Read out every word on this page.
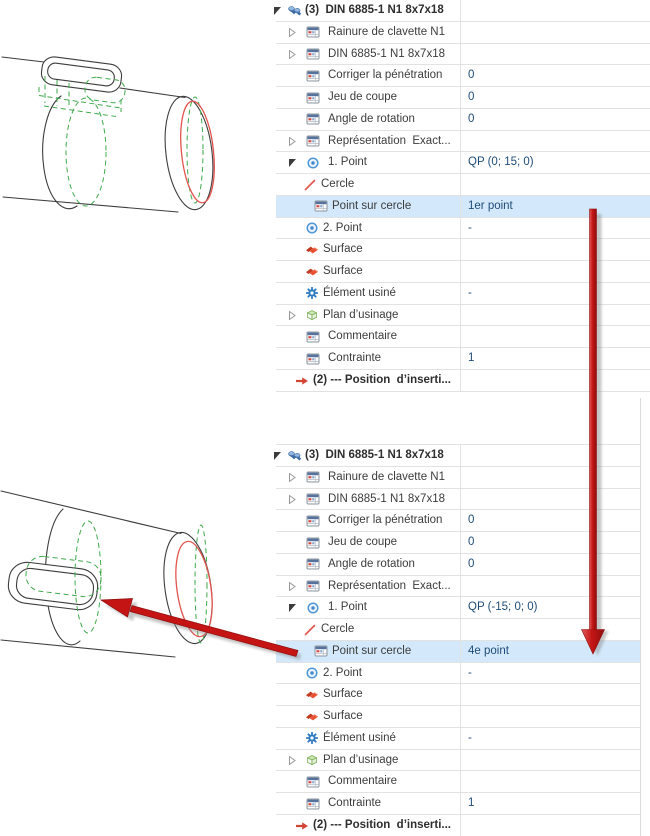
(3)  DIN 6885-1 N1 8x7x18
Rainure de clavette N1
DIN 6885-1 N1 8x7x18
Corriger la pénétration 0
Jeu de coupe	0
Angle de rotation	0
Représentation  Exact...
1. Point	QP (0; 15; 0)
Cercle
Point sur cercle	1er point
2. Point	-
Surface
Surface
Élément usiné	-
Plan d’usinage
Commentaire
Contrainte	1
(2) --- Position  d’inserti...
(3)  DIN 6885-1 N1 8x7x18
Rainure de clavette N1
DIN 6885-1 N1 8x7x18
Corriger la pénétration 0
Jeu de coupe	0
Angle de rotation	0
Représentation  Exact...
1. Point	QP (-15; 0; 0)
Cercle
Point sur cercle	4e point
2. Point	-
Surface
Surface
Élément usiné	-
Plan d’usinage
Commentaire
Contrainte	1
(2) --- Position  d’inserti...
